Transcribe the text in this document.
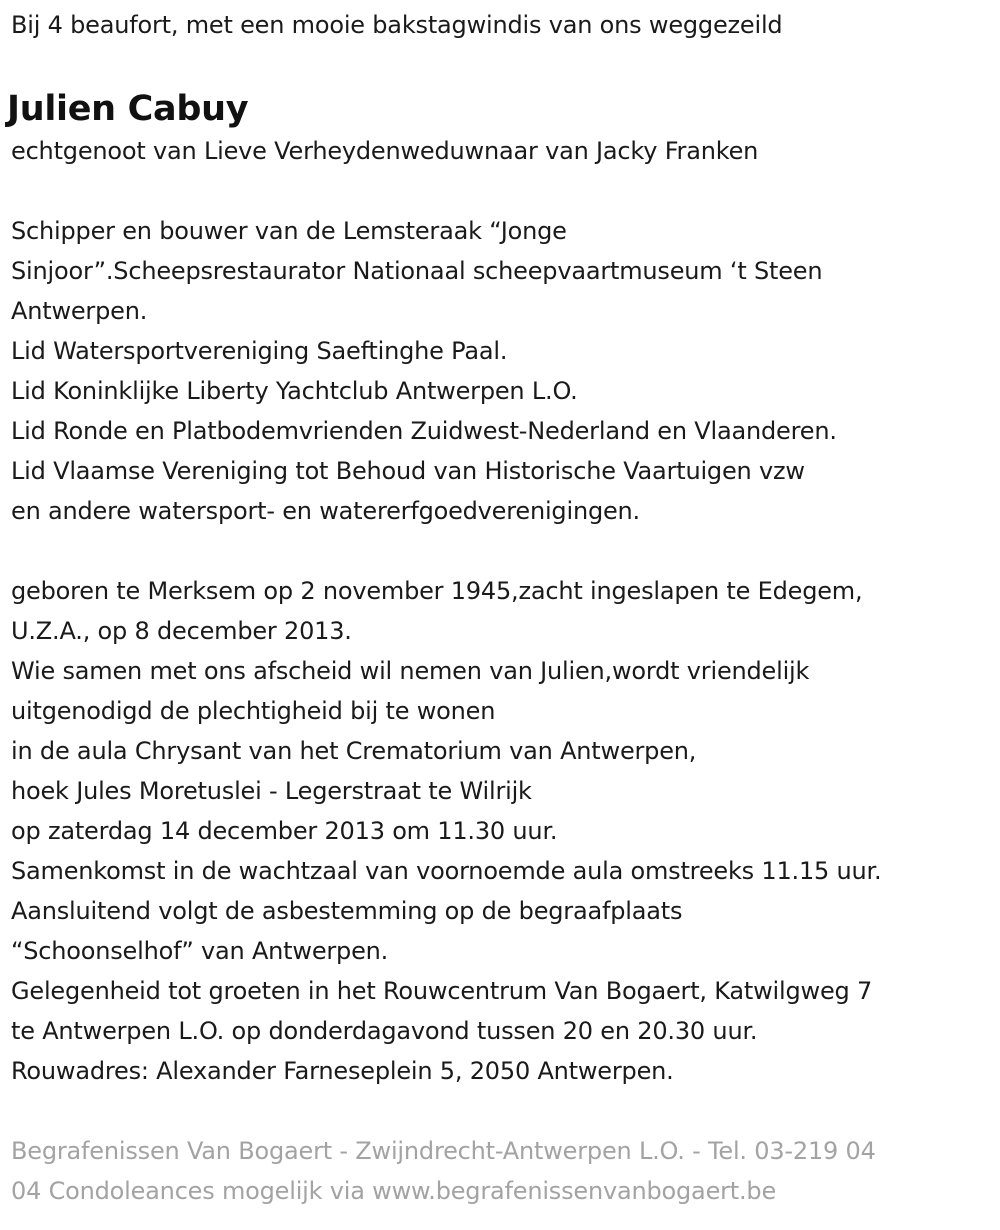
Bij 4 beaufort, met een mooie bakstagwindis van ons weggezeild
Julien Cabuy
echtgenoot van Lieve Verheydenweduwnaar van Jacky Franken
Schipper en bouwer van de Lemsteraak “Jonge
Sinjoor”.Scheepsrestaurator Nationaal scheepvaartmuseum ‘t Steen
Antwerpen.
Lid Watersportvereniging Saeftinghe Paal.
Lid Koninklijke Liberty Yachtclub Antwerpen L.O.
Lid Ronde en Platbodemvrienden Zuidwest-Nederland en Vlaanderen.
Lid Vlaamse Vereniging tot Behoud van Historische Vaartuigen vzw
en andere watersport- en watererfgoedverenigingen.
geboren te Merksem op 2 november 1945,zacht ingeslapen te Edegem,
U.Z.A., op 8 december 2013.
Wie samen met ons afscheid wil nemen van Julien,wordt vriendelijk
uitgenodigd de plechtigheid bij te wonen
in de aula Chrysant van het Crematorium van Antwerpen,
hoek Jules Moretuslei - Legerstraat te Wilrijk
op zaterdag 14 december 2013 om 11.30 uur.
Samenkomst in de wachtzaal van voornoemde aula omstreeks 11.15 uur.
Aansluitend volgt de asbestemming op de begraafplaats
“Schoonselhof” van Antwerpen.
Gelegenheid tot groeten in het Rouwcentrum Van Bogaert, Katwilgweg 7
te Antwerpen L.O. op donderdagavond tussen 20 en 20.30 uur.
Rouwadres: Alexander Farneseplein 5, 2050 Antwerpen.
Begrafenissen Van Bogaert - Zwijndrecht-Antwerpen L.O. - Tel. 03-219 04
04 Condoleances mogelijk via www.begrafenissenvanbogaert.be
